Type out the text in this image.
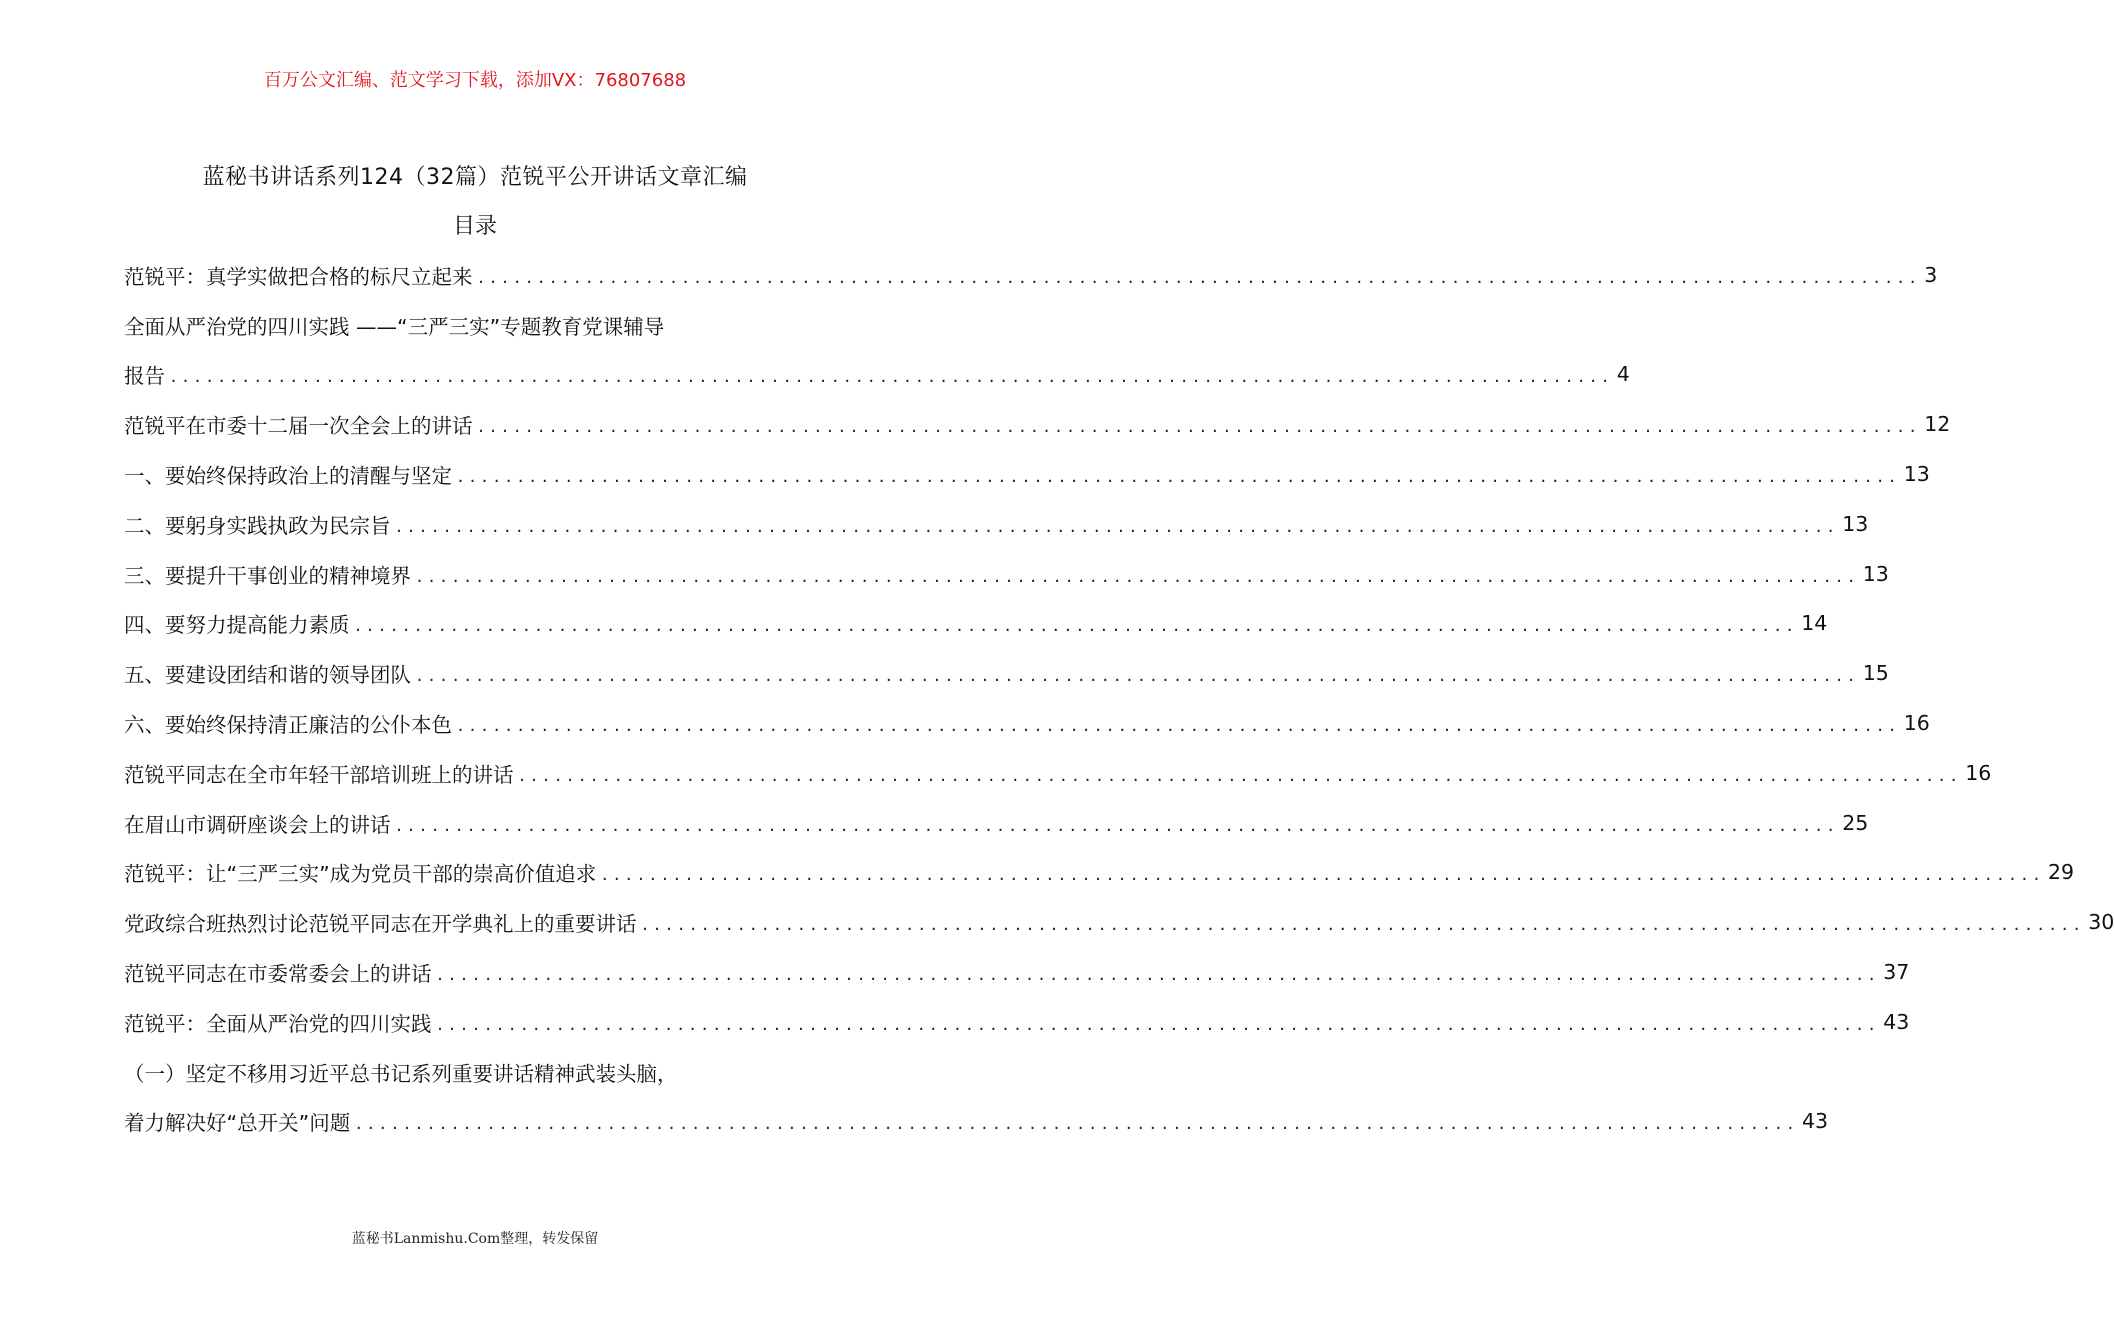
百万公文汇编、范文学习下载，添加VX：76807688
蓝秘书讲话系列124（32篇）范锐平公开讲话文章汇编
目录
范锐平：真学实做把合格的标尺立起来 ........................................................................................................................ 3
全面从严治党的四川实践 ——“三严三实”专题教育党课辅导
报告 ........................................................................................................................ 4
范锐平在市委十二届一次全会上的讲话 ........................................................................................................................ 12
一、要始终保持政治上的清醒与坚定 ........................................................................................................................ 13
二、要躬身实践执政为民宗旨 ........................................................................................................................ 13
三、要提升干事创业的精神境界 ........................................................................................................................ 13
四、要努力提高能力素质 ........................................................................................................................ 14
五、要建设团结和谐的领导团队 ........................................................................................................................ 15
六、要始终保持清正廉洁的公仆本色 ........................................................................................................................ 16
范锐平同志在全市年轻干部培训班上的讲话 ........................................................................................................................ 16
在眉山市调研座谈会上的讲话 ........................................................................................................................ 25
范锐平：让“三严三实”成为党员干部的崇高价值追求 ........................................................................................................................ 29
党政综合班热烈讨论范锐平同志在开学典礼上的重要讲话 ........................................................................................................................ 30
范锐平同志在市委常委会上的讲话 ........................................................................................................................ 37
范锐平：全面从严治党的四川实践 ........................................................................................................................ 43
（一）坚定不移用习近平总书记系列重要讲话精神武装头脑，
着力解决好“总开关”问题 ........................................................................................................................ 43
蓝秘书Lanmishu.Com整理，转发保留
